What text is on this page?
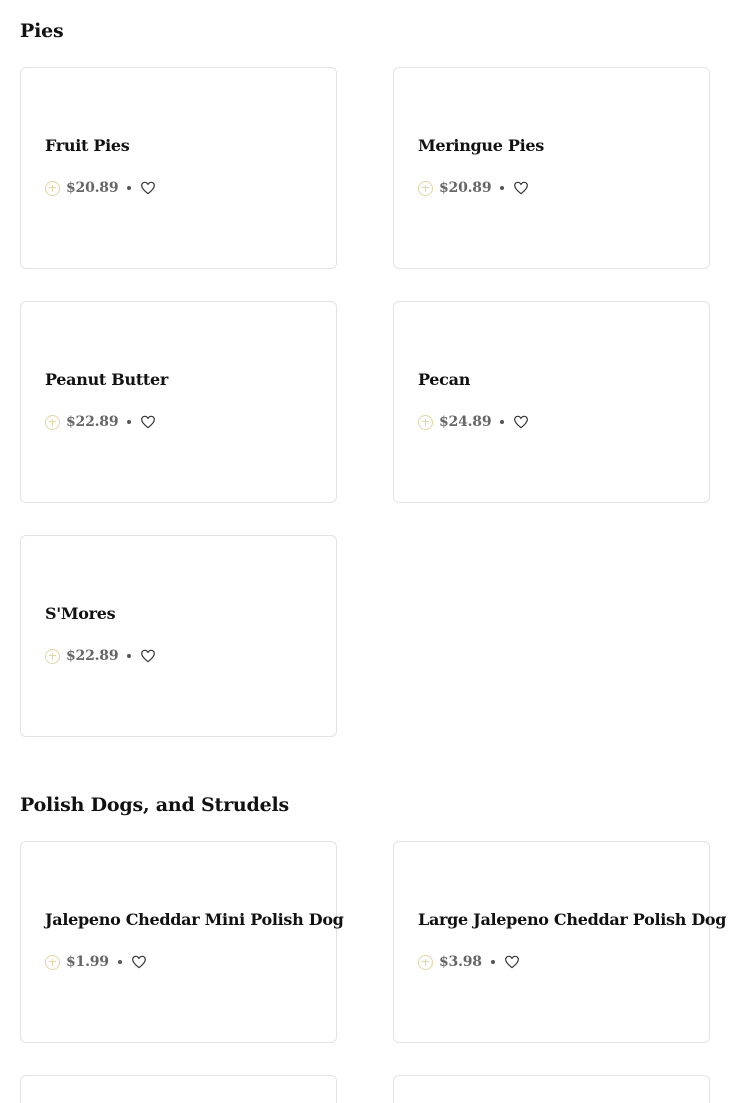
Pies
Fruit Pies
$20.89
Meringue Pies
$20.89
Peanut Butter
$22.89
Pecan
$24.89
S'Mores
$22.89
Polish Dogs, and Strudels
Jalepeno Cheddar Mini Polish Dog
$1.99
Large Jalepeno Cheddar Polish Dog
$3.98
